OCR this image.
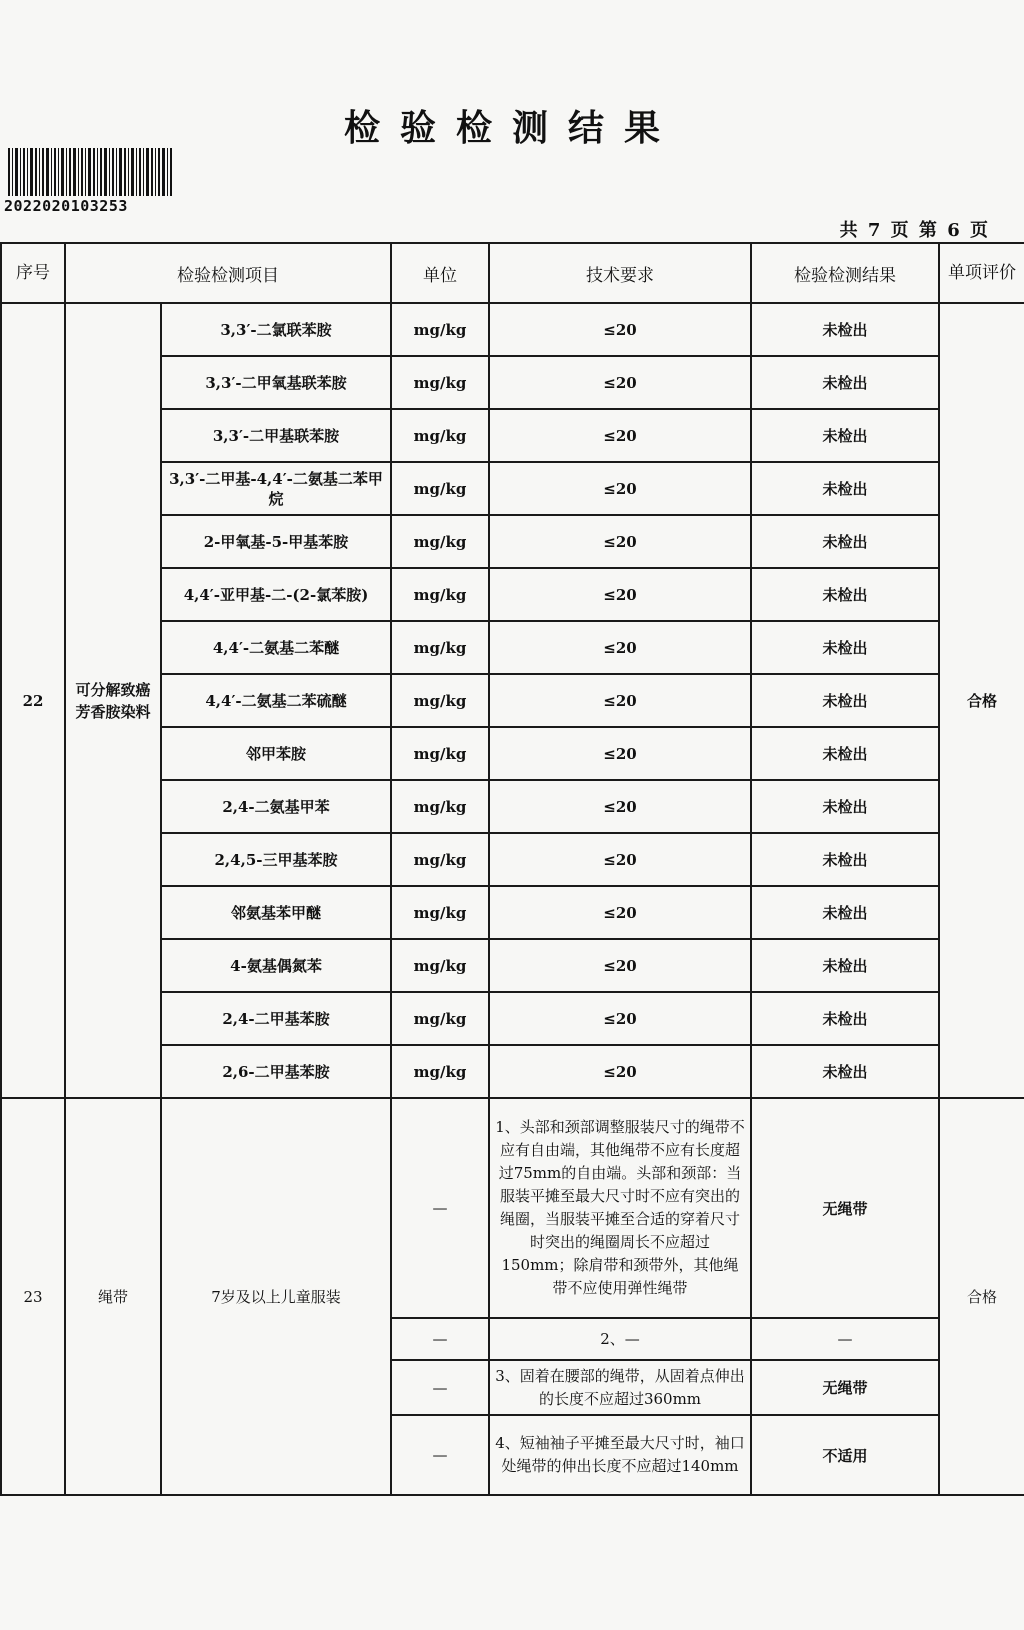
检验检测结果
2022020103253
共 7 页 第 6 页
序号	检验检测项目		单位	技术要求	检验检测结果	单项评价
22	可分解致癌芳香胺染料	3,3′-二氯联苯胺	mg/kg	≤20	未检出	合格
		3,3′-二甲氧基联苯胺	mg/kg	≤20	未检出	
		3,3′-二甲基联苯胺	mg/kg	≤20	未检出	
		3,3′-二甲基-4,4′-二氨基二苯甲烷	mg/kg	≤20	未检出	
		2-甲氧基-5-甲基苯胺	mg/kg	≤20	未检出	
		4,4′-亚甲基-二-(2-氯苯胺)	mg/kg	≤20	未检出	
		4,4′-二氨基二苯醚	mg/kg	≤20	未检出	
		4,4′-二氨基二苯硫醚	mg/kg	≤20	未检出	
		邻甲苯胺	mg/kg	≤20	未检出	
		2,4-二氨基甲苯	mg/kg	≤20	未检出	
		2,4,5-三甲基苯胺	mg/kg	≤20	未检出	
		邻氨基苯甲醚	mg/kg	≤20	未检出	
		4-氨基偶氮苯	mg/kg	≤20	未检出	
		2,4-二甲基苯胺	mg/kg	≤20	未检出	
		2,6-二甲基苯胺	mg/kg	≤20	未检出	
23	绳带	7岁及以上儿童服装	—	1、头部和颈部调整服装尺寸的绳带不应有自由端，其他绳带不应有长度超过75mm的自由端。头部和颈部：当服装平摊至最大尺寸时不应有突出的绳圈，当服装平摊至合适的穿着尺寸时突出的绳圈周长不应超过150mm；除肩带和颈带外，其他绳带不应使用弹性绳带	无绳带	合格
			—	2、—	—	
			—	3、固着在腰部的绳带，从固着点伸出的长度不应超过360mm	无绳带	
			—	4、短袖袖子平摊至最大尺寸时，袖口处绳带的伸出长度不应超过140mm	不适用	
